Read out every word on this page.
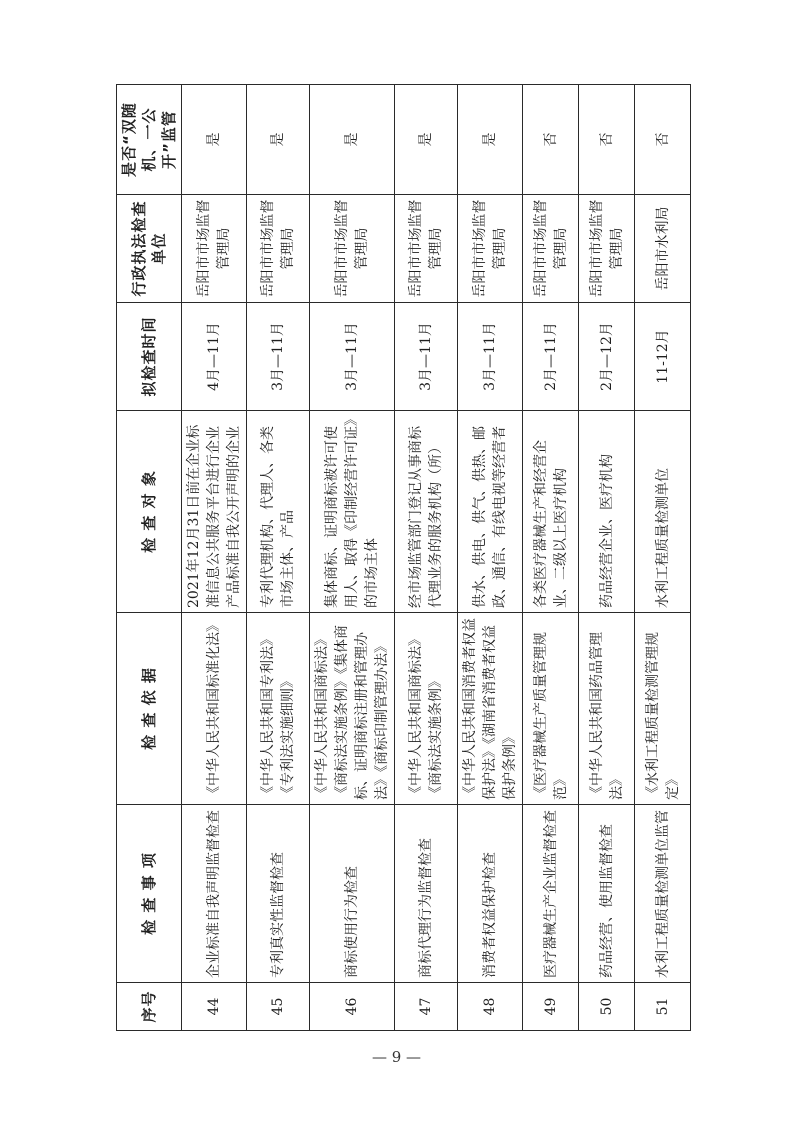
序号	检 查 事 项	检 查 依 据	检 查 对 象	拟检查时间	行政执法检查单位	是否“双随机、一公开”监管
44	企业标准自我声明监督检查	《中华人民共和国标准化法》	2021年12月31日前在企业标准信息公共服务平台进行企业产品标准自我公开声明的企业	4月—11月	岳阳市市场监督管理局	是
45	专利真实性监督检查	《中华人民共和国专利法》《专利法实施细则》	专利代理机构、代理人、各类市场主体、产品	3月—11月	岳阳市市场监督管理局	是
46	商标使用行为检查	《中华人民共和国商标法》《商标法实施条例》《集体商标、证明商标注册和管理办法》《商标印制管理办法》	集体商标、证明商标被许可使用人、取得《印制经营许可证》的市场主体	3月—11月	岳阳市市场监督管理局	是
47	商标代理行为监督检查	《中华人民共和国商标法》《商标法实施条例》	经市场监管部门登记从事商标代理业务的服务机构（所）	3月—11月	岳阳市市场监督管理局	是
48	消费者权益保护检查	《中华人民共和国消费者权益保护法》《湖南省消费者权益保护条例》	供水、供电、供气、供热、邮政、通信、有线电视等经营者	3月—11月	岳阳市市场监督管理局	是
49	医疗器械生产企业监督检查	《医疗器械生产质量管理规范》	各类医疗器械生产和经营企业、二级以上医疗机构	2月—11月	岳阳市市场监督管理局	否
50	药品经营、使用监督检查	《中华人民共和国药品管理法》	药品经营企业、医疗机构	2月—12月	岳阳市市场监督管理局	否
51	水利工程质量检测单位监管	《水利工程质量检测管理规定》	水利工程质量检测单位	11-12月	岳阳市水利局	否
— 9 —
